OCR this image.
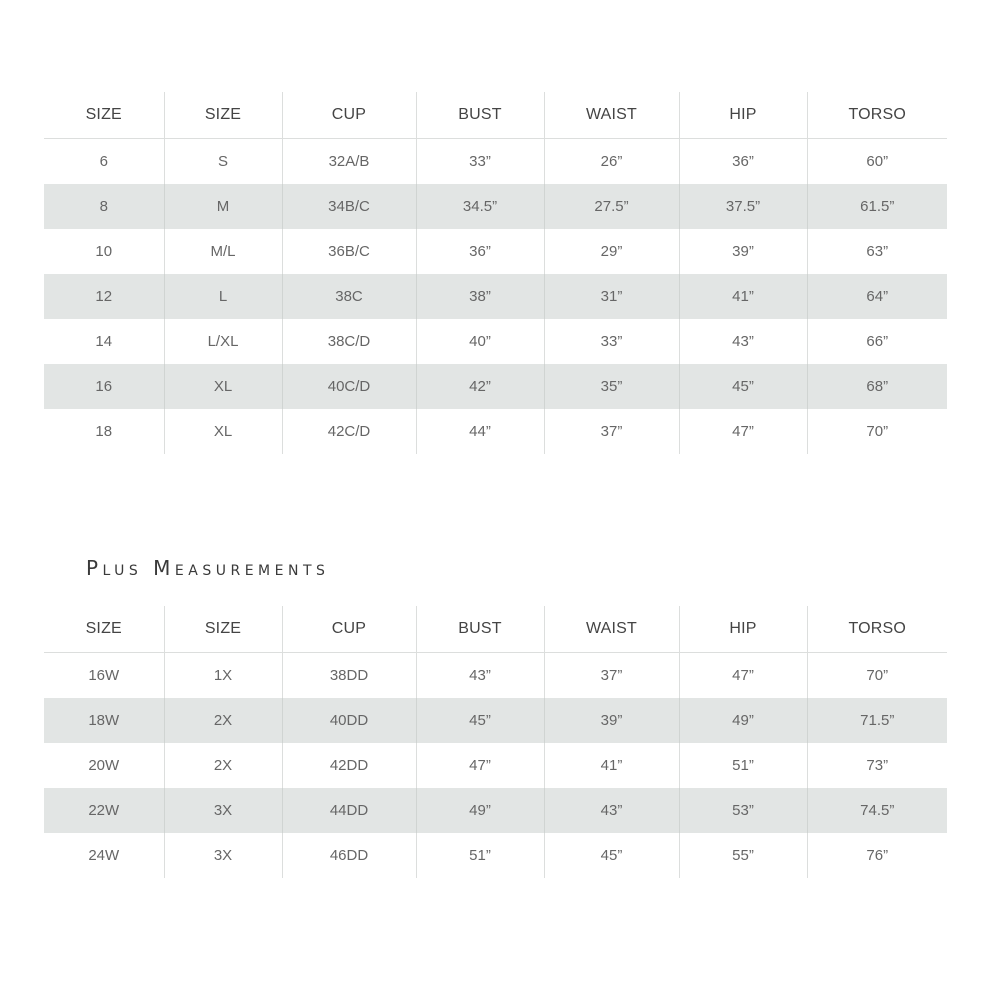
SIZE	SIZE	CUP	BUST	WAIST	HIP	TORSO
6	S	32A/B	33”	26”	36”	60”
8	M	34B/C	34.5”	27.5”	37.5”	61.5”
10	M/L	36B/C	36”	29”	39”	63”
12	L	38C	38”	31”	41”	64”
14	L/XL	38C/D	40”	33”	43”	66”
16	XL	40C/D	42”	35”	45”	68”
18	XL	42C/D	44”	37”	47”	70”
Plus Measurements
SIZE	SIZE	CUP	BUST	WAIST	HIP	TORSO
16W	1X	38DD	43”	37”	47”	70”
18W	2X	40DD	45”	39”	49”	71.5”
20W	2X	42DD	47”	41”	51”	73”
22W	3X	44DD	49”	43”	53”	74.5”
24W	3X	46DD	51”	45”	55”	76”
